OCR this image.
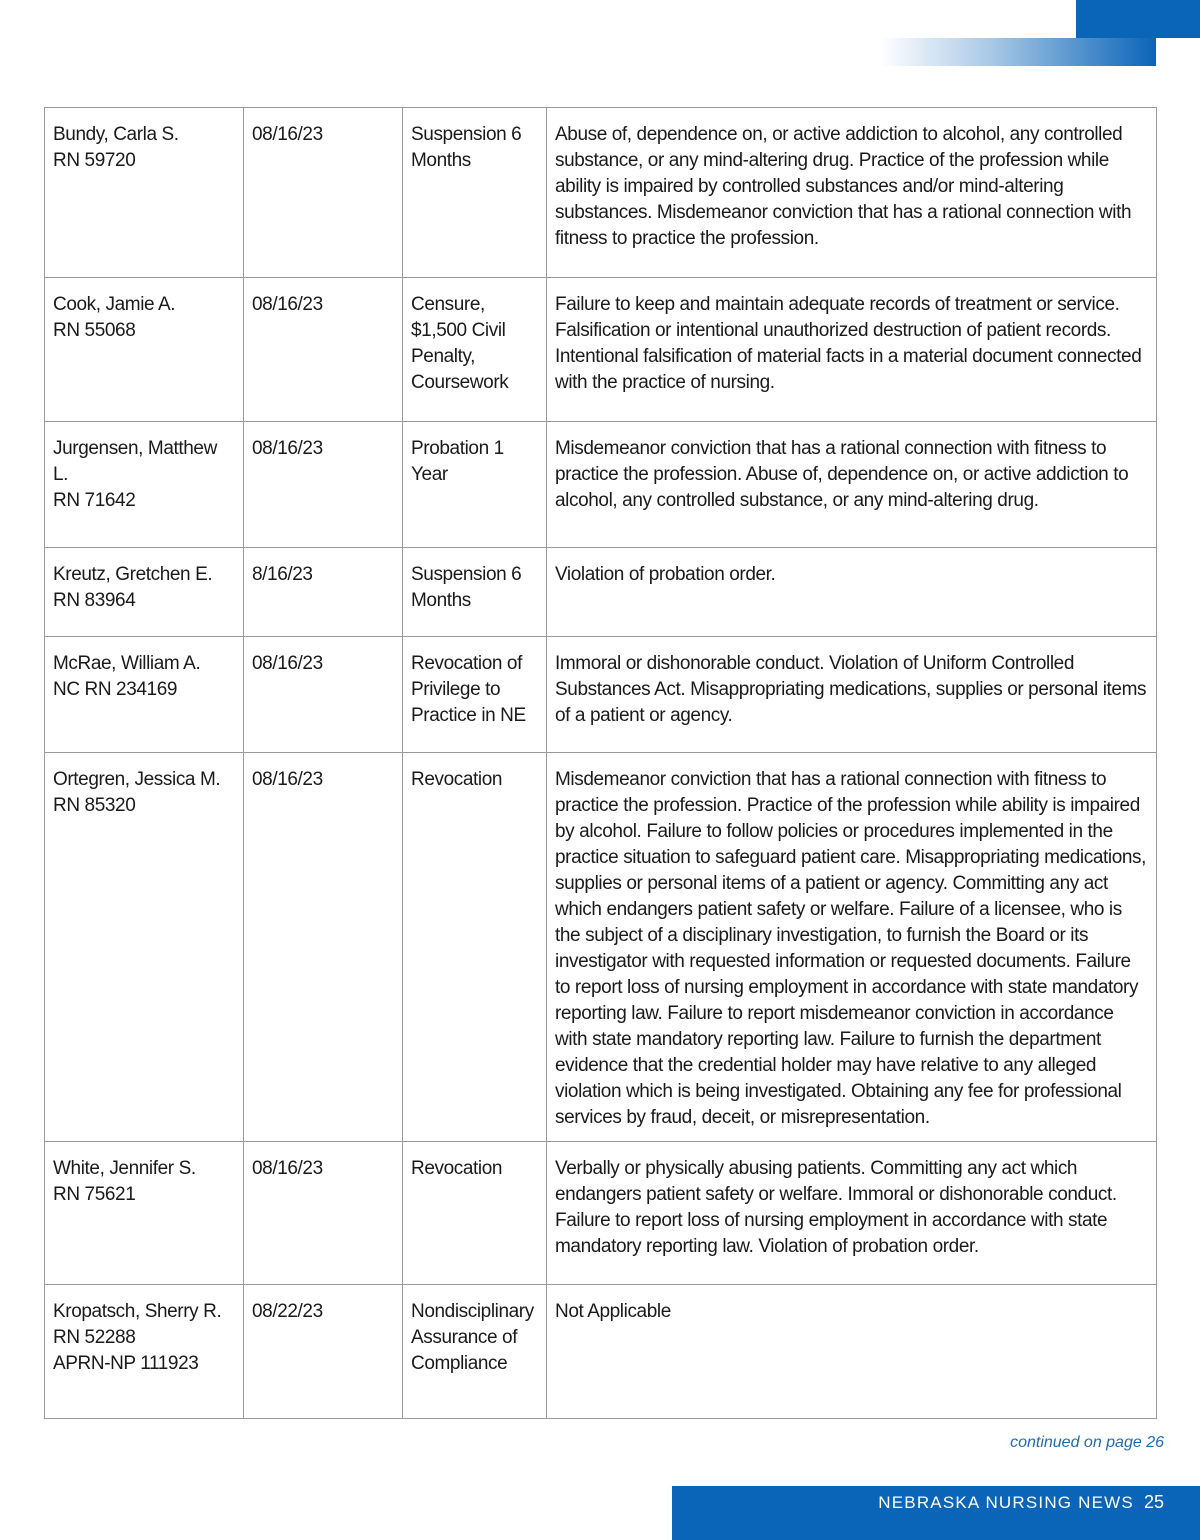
Bundy, Carla S.
RN 59720	08/16/23	Suspension 6 Months	Abuse of, dependence on, or active addiction to alcohol, any controlled substance, or any mind-altering drug. Practice of the profession while ability is impaired by controlled substances and/or mind-altering substances. Misdemeanor conviction that has a rational connection with fitness to practice the profession.

Cook, Jamie A.
RN 55068	08/16/23	Censure, $1,500 Civil Penalty, Coursework	Failure to keep and maintain adequate records of treatment or service. Falsification or intentional unauthorized destruction of patient records. Intentional falsification of material facts in a material document connected with the practice of nursing.

Jurgensen, Matthew L.
RN 71642	08/16/23	Probation 1 Year	Misdemeanor conviction that has a rational connection with fitness to practice the profession. Abuse of, dependence on, or active addiction to alcohol, any controlled substance, or any mind-altering drug.

Kreutz, Gretchen E.
RN 83964	8/16/23	Suspension 6 Months	Violation of probation order.

McRae, William A.
NC RN 234169	08/16/23	Revocation of Privilege to Practice in NE	Immoral or dishonorable conduct. Violation of Uniform Controlled Substances Act. Misappropriating medications, supplies or personal items of a patient or agency.

Ortegren, Jessica M.
RN 85320	08/16/23	Revocation	Misdemeanor conviction that has a rational connection with fitness to practice the profession. Practice of the profession while ability is impaired by alcohol. Failure to follow policies or procedures implemented in the practice situation to safeguard patient care. Misappropriating medications, supplies or personal items of a patient or agency. Committing any act which endangers patient safety or welfare. Failure of a licensee, who is the subject of a disciplinary investigation, to furnish the Board or its investigator with requested information or requested documents. Failure to report loss of nursing employment in accordance with state mandatory reporting law. Failure to report misdemeanor conviction in accordance with state mandatory reporting law. Failure to furnish the department evidence that the credential holder may have relative to any alleged violation which is being investigated. Obtaining any fee for professional services by fraud, deceit, or misrepresentation.

White, Jennifer S.
RN 75621	08/16/23	Revocation	Verbally or physically abusing patients. Committing any act which endangers patient safety or welfare. Immoral or dishonorable conduct. Failure to report loss of nursing employment in accordance with state mandatory reporting law. Violation of probation order.

Kropatsch, Sherry R.
RN 52288
APRN-NP 111923	08/22/23	Nondisciplinary Assurance of Compliance	Not Applicable
continued on page 26
NEBRASKA NURSING NEWS 25
